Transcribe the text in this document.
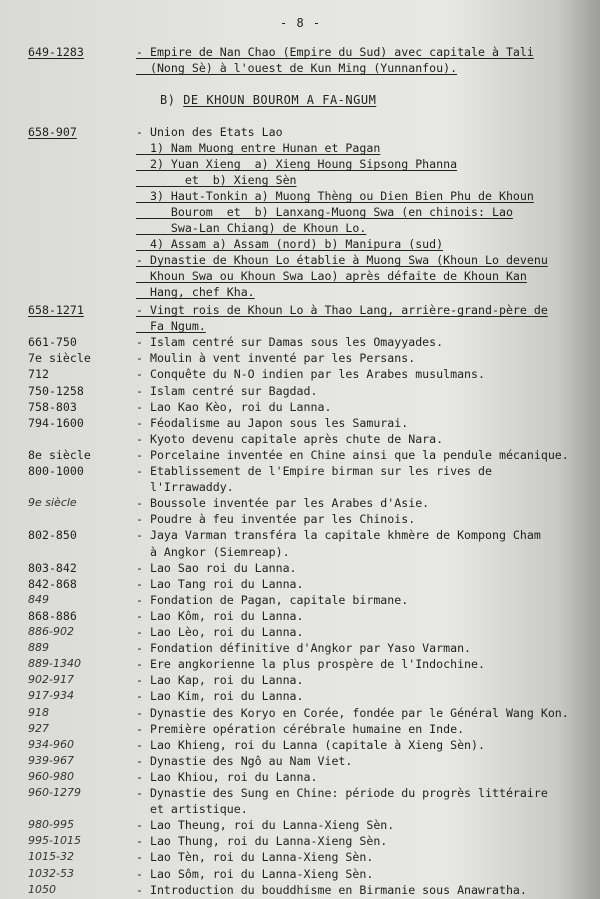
- 8 -
B) DE KHOUN BOUROM A FA-NGUM
649-1283	- Empire de Nan Chao (Empire du Sud) avec capitale à Tali
(Nong Sè) à l'ouest de Kun Ming (Yunnanfou).
658-907	- Union des Etats Lao
1) Nam Muong entre Hunan et Pagan
2) Yuan Xieng  a) Xieng Houng Sipsong Phanna
et  b) Xieng Sèn
3) Haut-Tonkin a) Muong Thèng ou Dien Bien Phu de Khoun
Bourom  et  b) Lanxang-Muong Swa (en chinois: Lao
Swa-Lan Chiang) de Khoun Lo.
4) Assam a) Assam (nord) b) Manipura (sud)
- Dynastie de Khoun Lo établie à Muong Swa (Khoun Lo devenu
Khoun Swa ou Khoun Swa Lao) après défaite de Khoun Kan
Hang, chef Kha.
658-1271	- Vingt rois de Khoun Lo à Thao Lang, arrière-grand-père de
Fa Ngum.
661-750	- Islam centré sur Damas sous les Omayyades.
7e siècle	- Moulin à vent inventé par les Persans.
712	- Conquête du N-O indien par les Arabes musulmans.
750-1258	- Islam centré sur Bagdad.
758-803	- Lao Kao Kèo, roi du Lanna.
794-1600	- Féodalisme au Japon sous les Samurai.
- Kyoto devenu capitale après chute de Nara.
8e siècle	- Porcelaine inventée en Chine ainsi que la pendule mécanique.
800-1000	- Etablissement de l'Empire birman sur les rives de
l'Irrawaddy.
9e siècle	- Boussole inventée par les Arabes d'Asie.
- Poudre à feu inventée par les Chinois.
802-850	- Jaya Varman transféra la capitale khmère de Kompong Cham
à Angkor (Siemreap).
803-842	- Lao Sao roi du Lanna.
842-868	- Lao Tang roi du Lanna.
849	- Fondation de Pagan, capitale birmane.
868-886	- Lao Kôm, roi du Lanna.
886-902	- Lao Lèo, roi du Lanna.
889	- Fondation définitive d'Angkor par Yaso Varman.
889-1340	- Ere angkorienne la plus prospère de l'Indochine.
902-917	- Lao Kap, roi du Lanna.
917-934	- Lao Kim, roi du Lanna.
918	- Dynastie des Koryo en Corée, fondée par le Général Wang Kon.
927	- Première opération cérébrale humaine en Inde.
934-960	- Lao Khieng, roi du Lanna (capitale à Xieng Sèn).
939-967	- Dynastie des Ngô au Nam Viet.
960-980	- Lao Khiou, roi du Lanna.
960-1279	- Dynastie des Sung en Chine: période du progrès littéraire
et artistique.
980-995	- Lao Theung, roi du Lanna-Xieng Sèn.
995-1015	- Lao Thung, roi du Lanna-Xieng Sèn.
1015-32	- Lao Tèn, roi du Lanna-Xieng Sèn.
1032-53	- Lao Sôm, roi du Lanna-Xieng Sèn.
1050	- Introduction du bouddhisme en Birmanie sous Anawratha.
